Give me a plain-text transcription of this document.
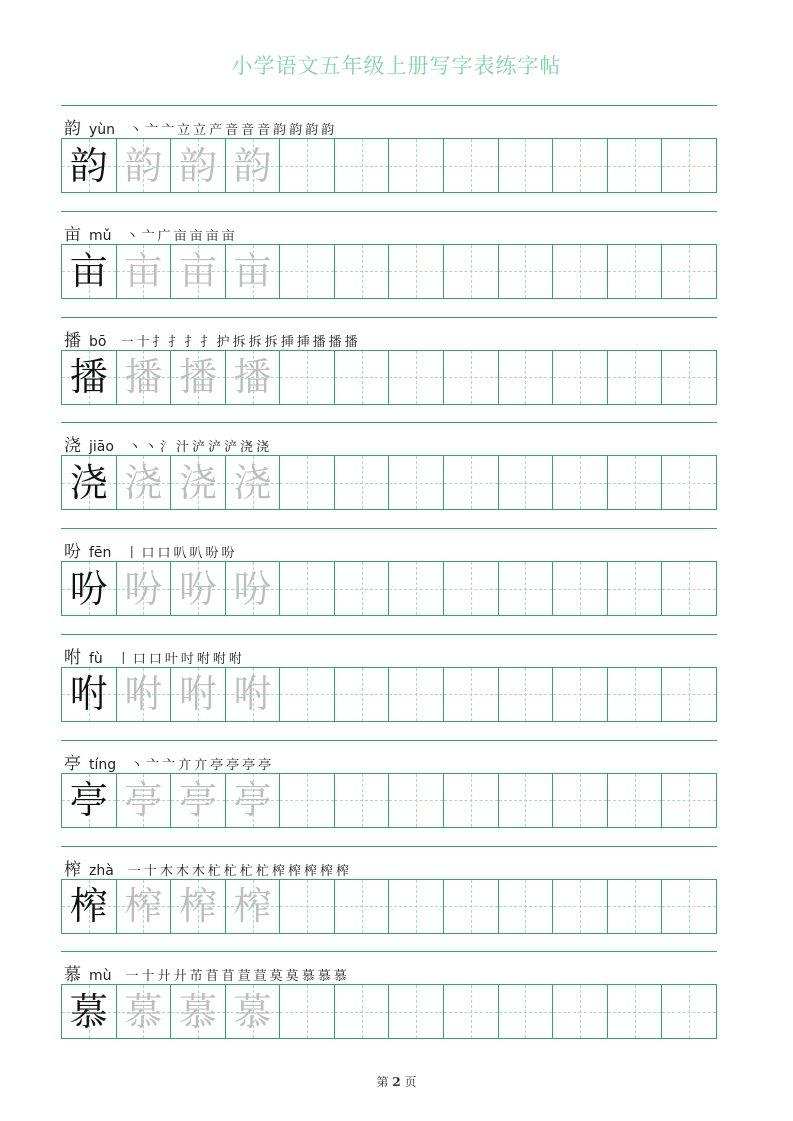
小学语文五年级上册写字表练字帖
韵 yùn 丶 亠 亠 立 立 产 音 音 音 韵 韵 韵 韵
韵 韵 韵 韵
亩 mǔ 丶 亠 广 亩 亩 亩 亩
亩 亩 亩 亩
播 bō 一 十 扌 扌 扌 扌 护 拆 拆 拆 挿 挿 播 播 播
播 播 播 播
浇 jiāo 丶 丶 氵 汁 浐 浐 浐 浇 浇
浇 浇 浇 浇
吩 fēn 丨 口 口 叭 叭 吩 吩
吩 吩 吩 吩
咐 fù 丨 口 口 叶 吋 咐 咐 咐
咐 咐 咐 咐
亭 tíng 丶 亠 亠 亣 亣 亭 亭 亭 亭
亭 亭 亭 亭
榨 zhà 一 十 木 木 木 杧 杧 杧 杧 榨 榨 榨 榨 榨
榨 榨 榨 榨
慕 mù 一 十 廾 廾 芇 苜 苜 荁 荁 莫 莫 慕 慕 慕
慕 慕 慕 慕
第 2 页
